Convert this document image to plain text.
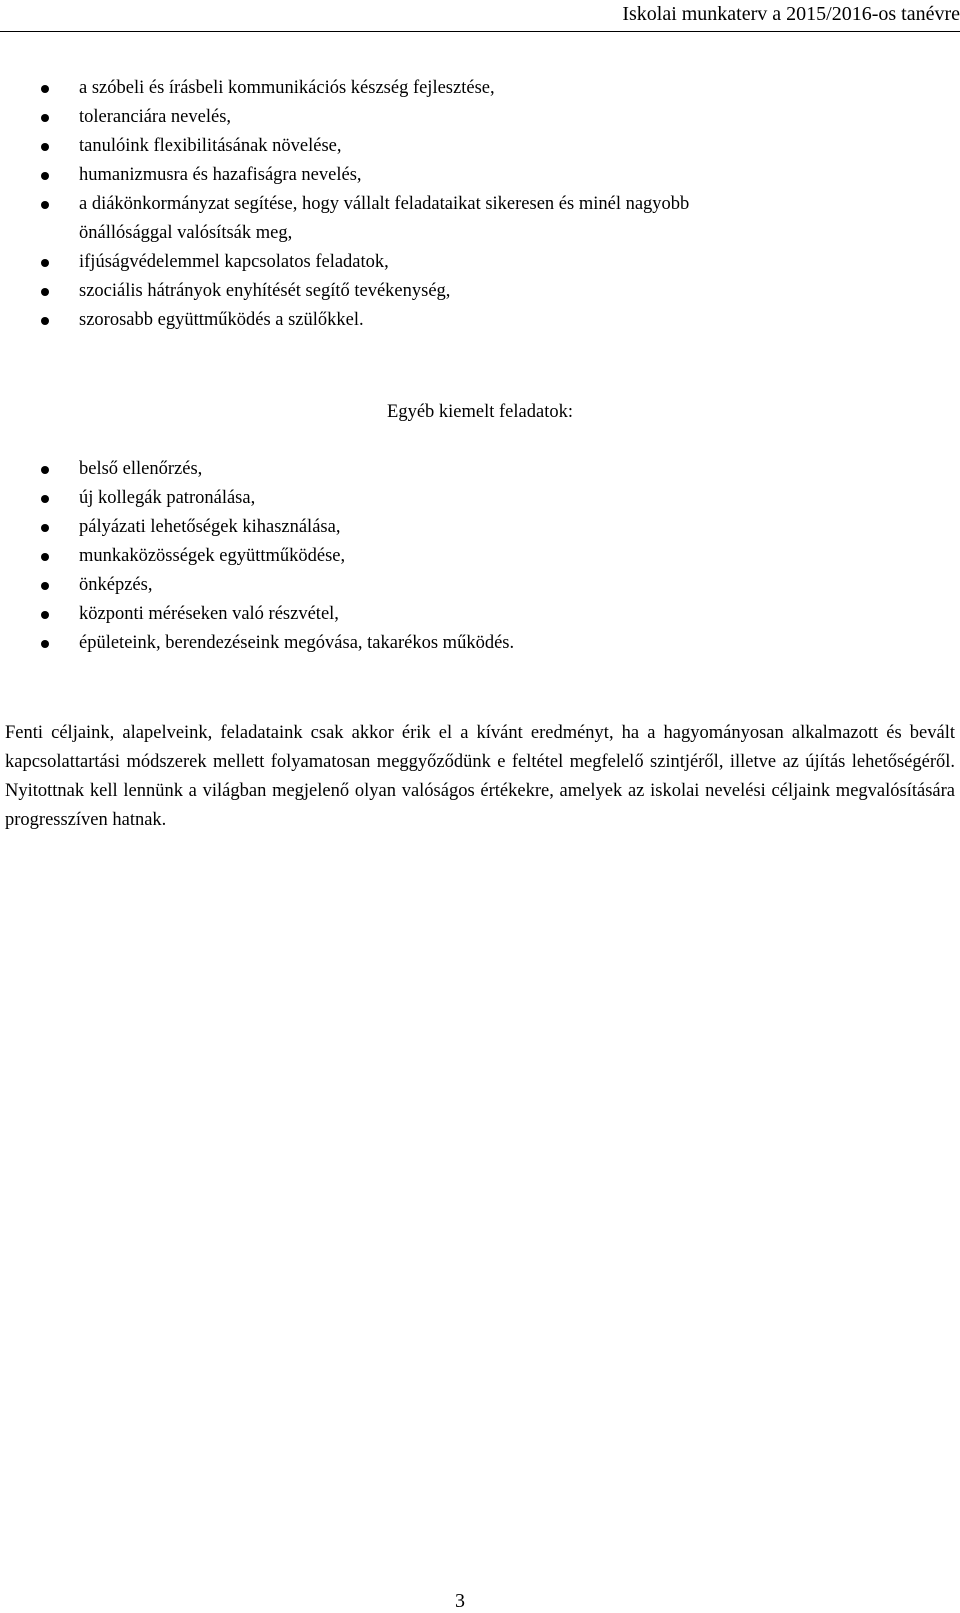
Iskolai munkaterv a 2015/2016-os tanévre
a szóbeli és írásbeli kommunikációs készség fejlesztése,
toleranciára nevelés,
tanulóink flexibilitásának növelése,
humanizmusra és hazafiságra nevelés,
a diákönkormányzat segítése, hogy vállalt feladataikat sikeresen és minél nagyobb
önállósággal valósítsák meg,
ifjúságvédelemmel kapcsolatos feladatok,
szociális hátrányok enyhítését segítő tevékenység,
szorosabb együttműködés a szülőkkel.
Egyéb kiemelt feladatok:
belső ellenőrzés,
új kollegák patronálása,
pályázati lehetőségek kihasználása,
munkaközösségek együttműködése,
önképzés,
központi méréseken való részvétel,
épületeink, berendezéseink megóvása, takarékos működés.

Fenti céljaink, alapelveink, feladataink csak akkor érik el a kívánt eredményt, ha a hagyományosan alkalmazott és bevált kapcsolattartási módszerek mellett folyamatosan meggyőződünk e feltétel megfelelő szintjéről, illetve az újítás lehetőségéről. Nyitottnak kell lennünk a világban megjelenő olyan valóságos értékekre, amelyek az iskolai nevelési céljaink megvalósítására progresszíven hatnak.

3
